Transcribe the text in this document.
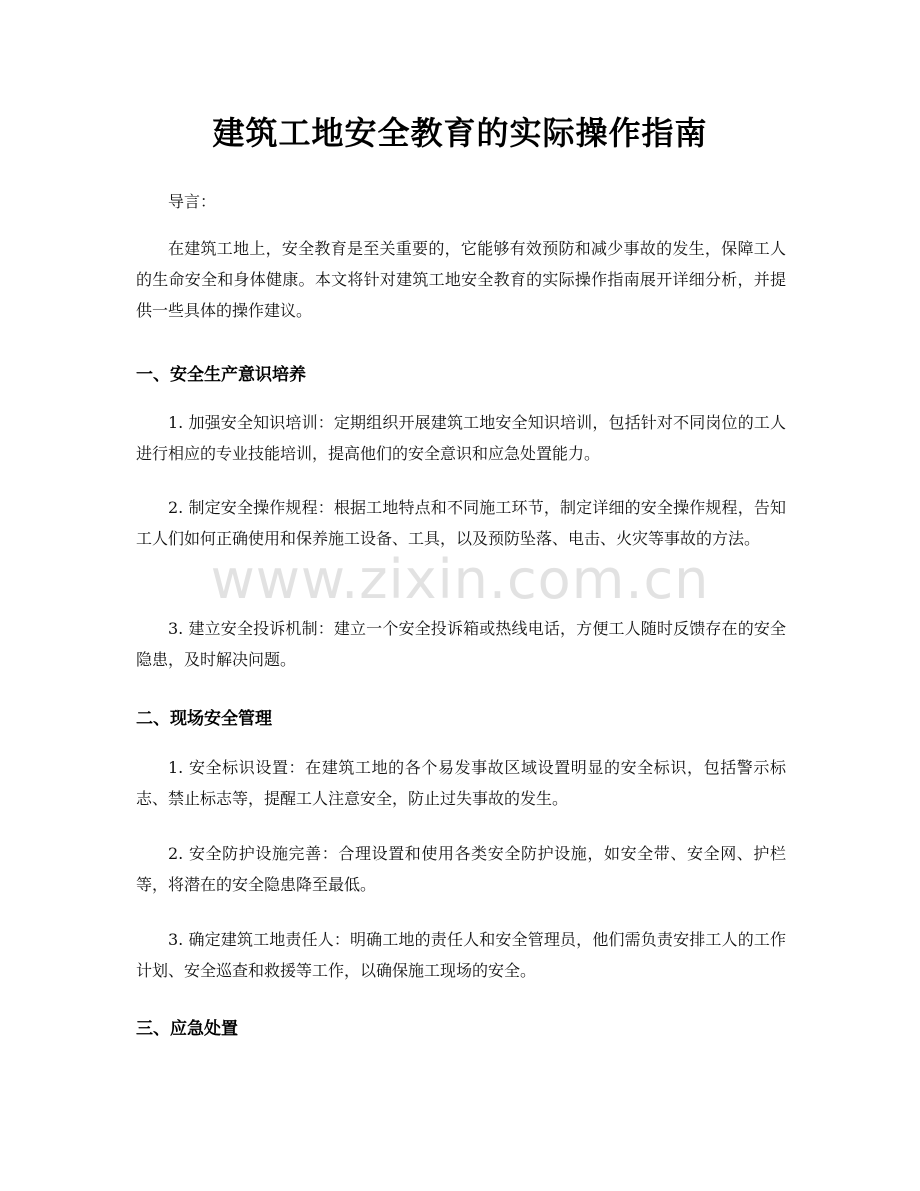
建筑工地安全教育的实际操作指南

导言：

在建筑工地上，安全教育是至关重要的，它能够有效预防和减少事故的发生，保障工人的生命安全和身体健康。本文将针对建筑工地安全教育的实际操作指南展开详细分析，并提供一些具体的操作建议。

一、安全生产意识培养

1. 加强安全知识培训：定期组织开展建筑工地安全知识培训，包括针对不同岗位的工人进行相应的专业技能培训，提高他们的安全意识和应急处置能力。

2. 制定安全操作规程：根据工地特点和不同施工环节，制定详细的安全操作规程，告知工人们如何正确使用和保养施工设备、工具，以及预防坠落、电击、火灾等事故的方法。

3. 建立安全投诉机制：建立一个安全投诉箱或热线电话，方便工人随时反馈存在的安全隐患，及时解决问题。

二、现场安全管理

1. 安全标识设置：在建筑工地的各个易发事故区域设置明显的安全标识，包括警示标志、禁止标志等，提醒工人注意安全，防止过失事故的发生。

2. 安全防护设施完善：合理设置和使用各类安全防护设施，如安全带、安全网、护栏等，将潜在的安全隐患降至最低。

3. 确定建筑工地责任人：明确工地的责任人和安全管理员，他们需负责安排工人的工作计划、安全巡查和救援等工作，以确保施工现场的安全。

三、应急处置
www.zixin.com.cn
